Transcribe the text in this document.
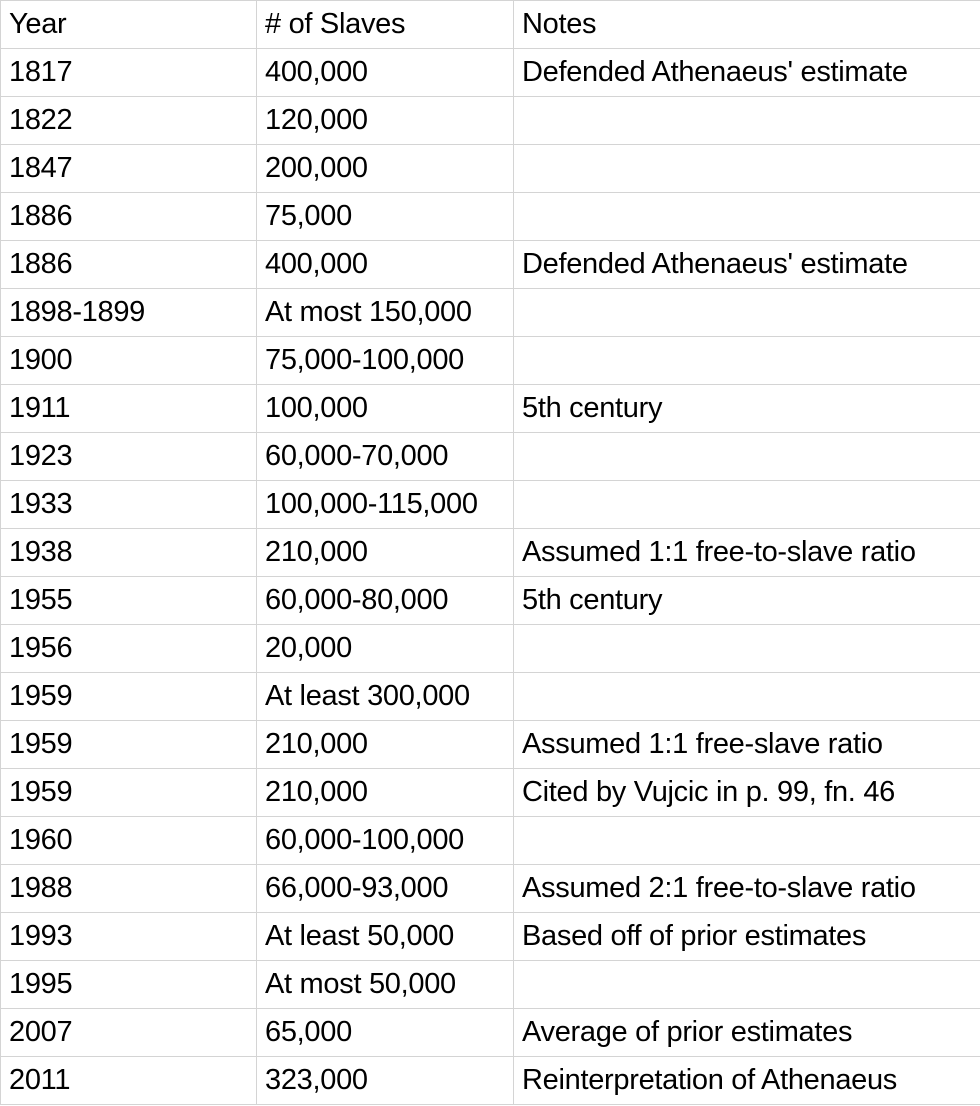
Year	# of Slaves	Notes
1817	400,000	Defended Athenaeus' estimate
1822	120,000	
1847	200,000	
1886	75,000	
1886	400,000	Defended Athenaeus' estimate
1898-1899	At most 150,000	
1900	75,000-100,000	
1911	100,000	5th century
1923	60,000-70,000	
1933	100,000-115,000	
1938	210,000	Assumed 1:1 free-to-slave ratio
1955	60,000-80,000	5th century
1956	20,000	
1959	At least 300,000	
1959	210,000	Assumed 1:1 free-slave ratio
1959	210,000	Cited by Vujcic in p. 99, fn. 46
1960	60,000-100,000	
1988	66,000-93,000	Assumed 2:1 free-to-slave ratio
1993	At least 50,000	Based off of prior estimates
1995	At most 50,000	
2007	65,000	Average of prior estimates
2011	323,000	Reinterpretation of Athenaeus
